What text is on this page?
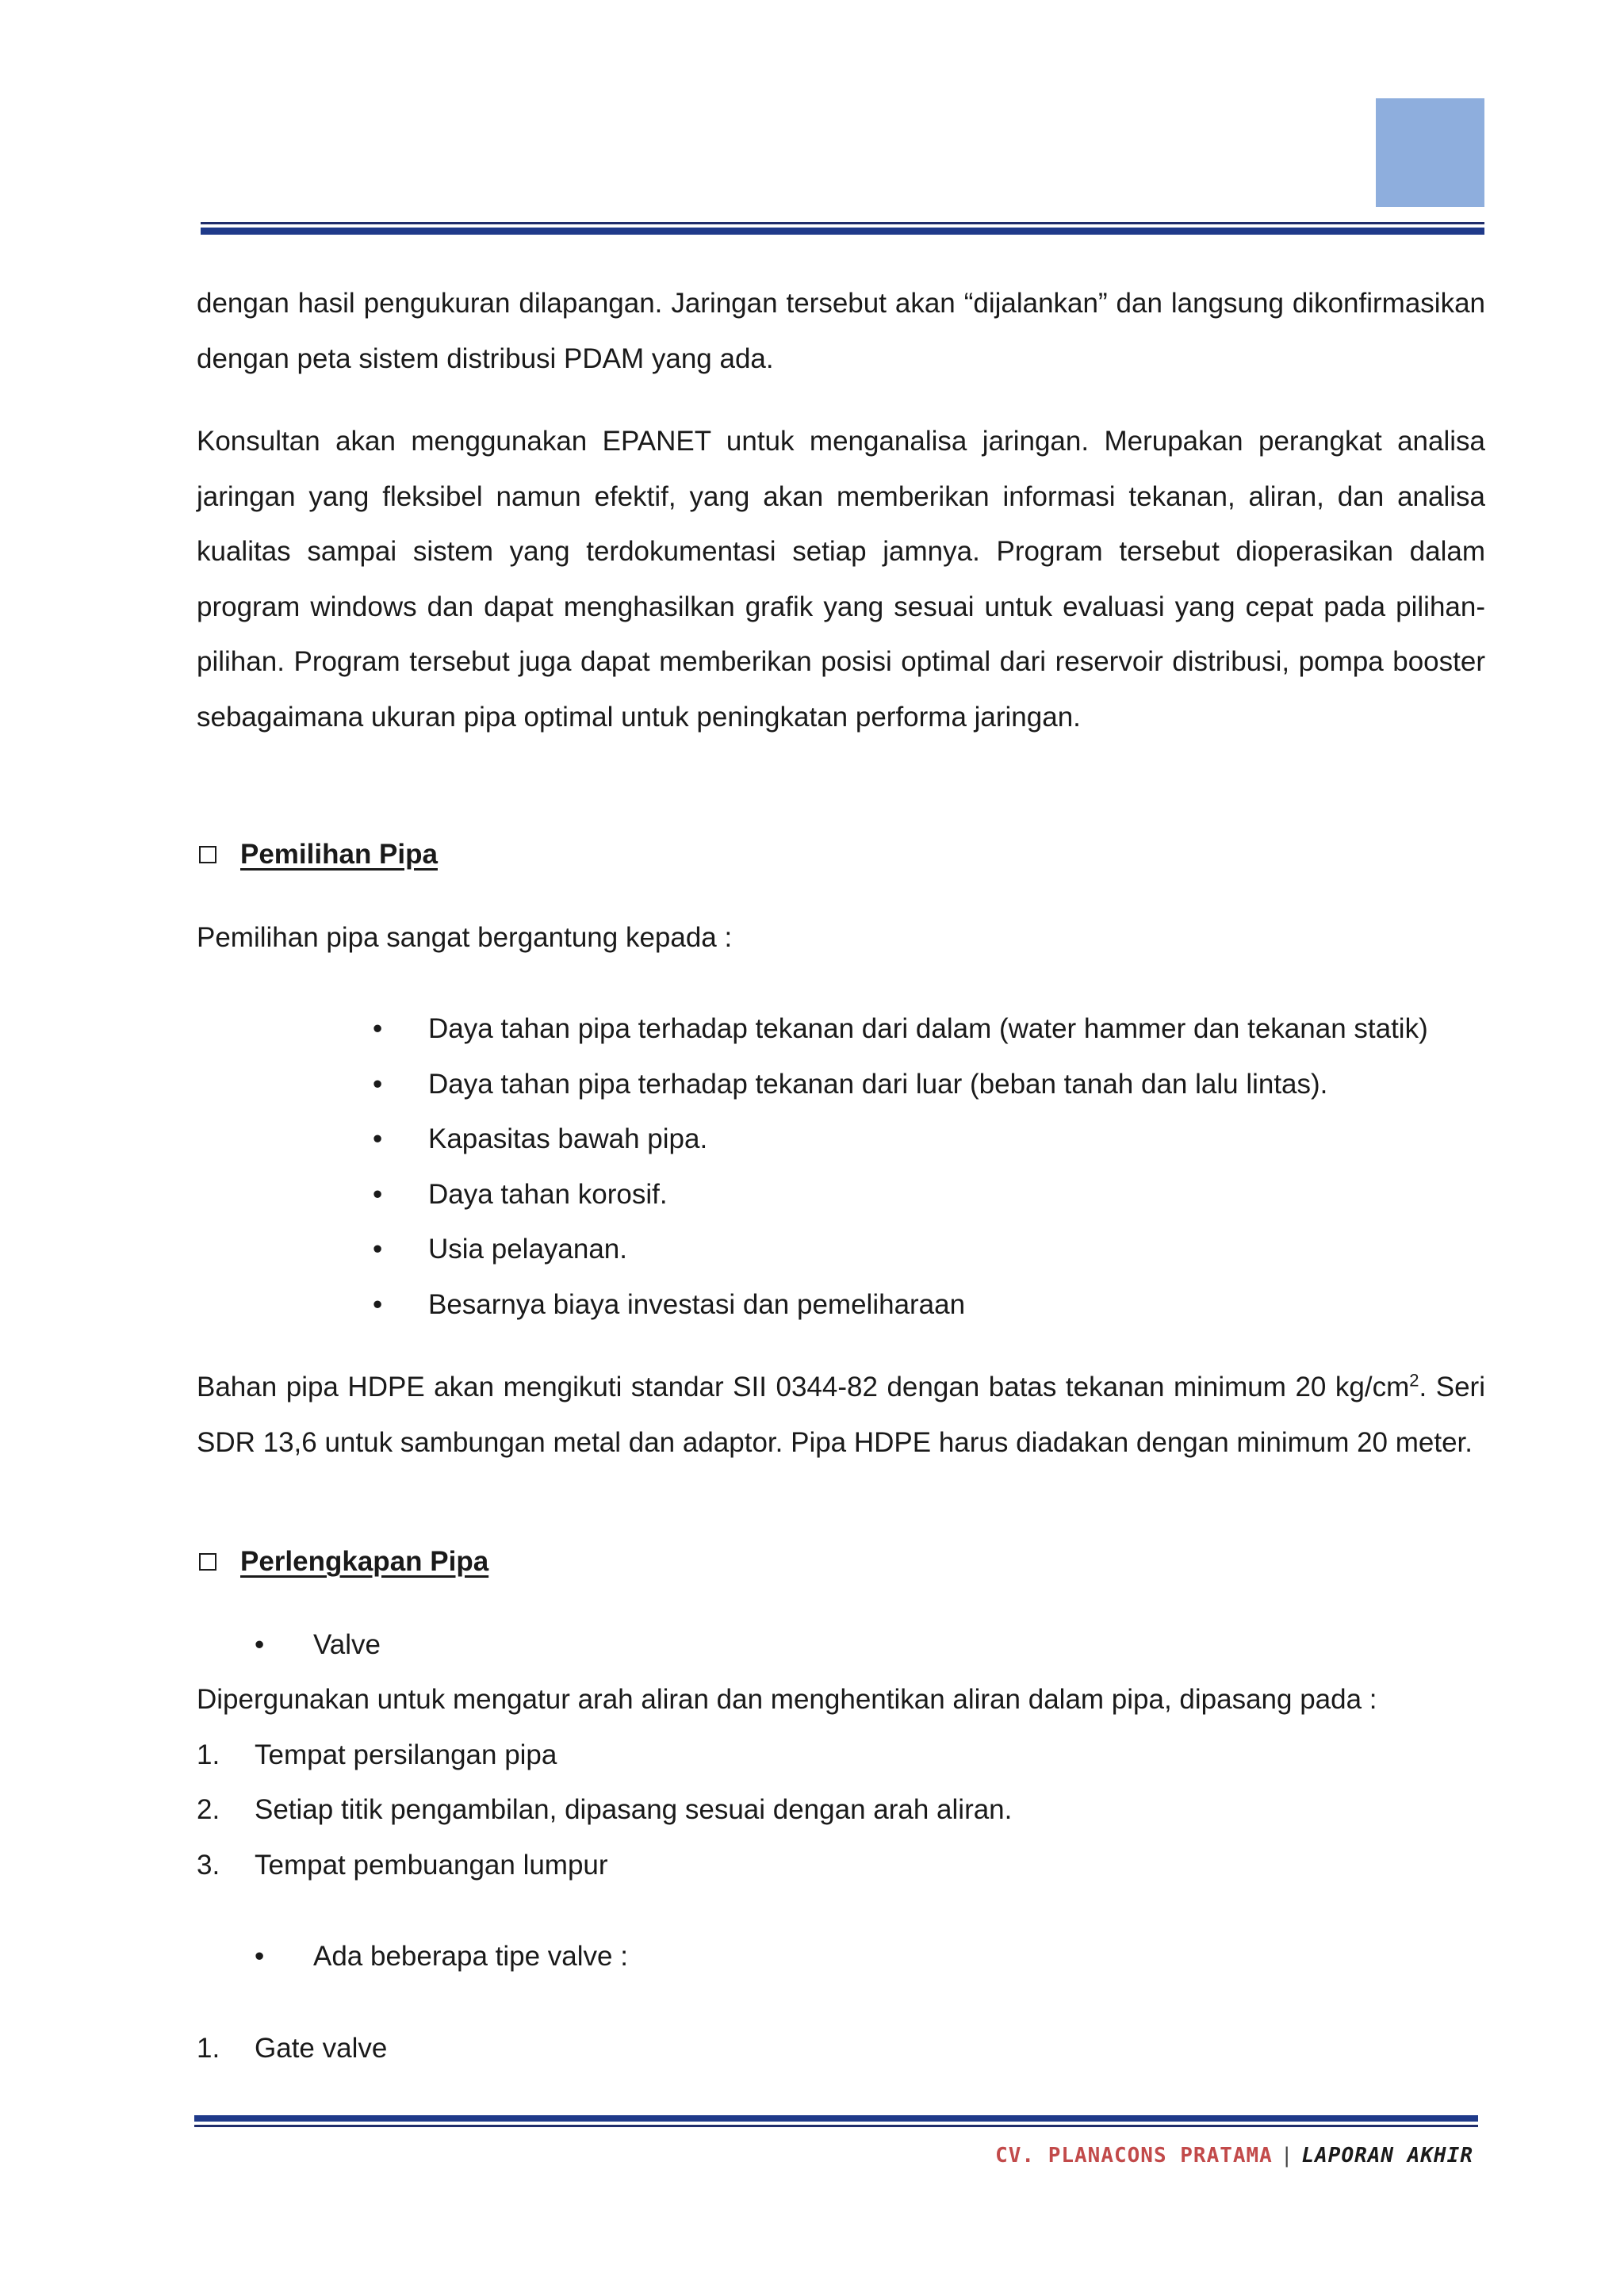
dengan hasil pengukuran dilapangan. Jaringan tersebut akan “dijalankan” dan langsung dikonfirmasikan dengan peta sistem distribusi PDAM yang ada.

Konsultan akan menggunakan EPANET untuk menganalisa jaringan. Merupakan perangkat analisa jaringan yang fleksibel namun efektif, yang akan memberikan informasi tekanan, aliran, dan analisa kualitas sampai sistem yang terdokumentasi setiap jamnya. Program tersebut dioperasikan dalam program windows dan dapat menghasilkan grafik yang sesuai untuk evaluasi yang cepat pada pilihan-pilihan. Program tersebut juga dapat memberikan posisi optimal dari reservoir distribusi, pompa booster sebagaimana ukuran pipa optimal untuk peningkatan performa jaringan.

Pemilihan Pipa

Pemilihan pipa sangat bergantung kepada :

• Daya tahan pipa terhadap tekanan dari dalam (water hammer dan tekanan statik)
• Daya tahan pipa terhadap tekanan dari luar (beban tanah dan lalu lintas).
• Kapasitas bawah pipa.
• Daya tahan korosif.
• Usia pelayanan.
• Besarnya biaya investasi dan pemeliharaan

Bahan pipa HDPE akan mengikuti standar SII 0344-82 dengan batas tekanan minimum 20 $kg/cm^2$. Seri SDR 13,6 untuk sambungan metal dan adaptor. Pipa HDPE harus diadakan dengan minimum 20 meter.

Perlengkapan Pipa
• Valve

Dipergunakan untuk mengatur arah aliran dan menghentikan aliran dalam pipa, dipasang pada :

1. Tempat persilangan pipa
2. Setiap titik pengambilan, dipasang sesuai dengan arah aliran.
3. Tempat pembuangan lumpur
• Ada beberapa tipe valve :
1. Gate valve
CV. PLANACONS PRATAMA | LAPORAN AKHIR
